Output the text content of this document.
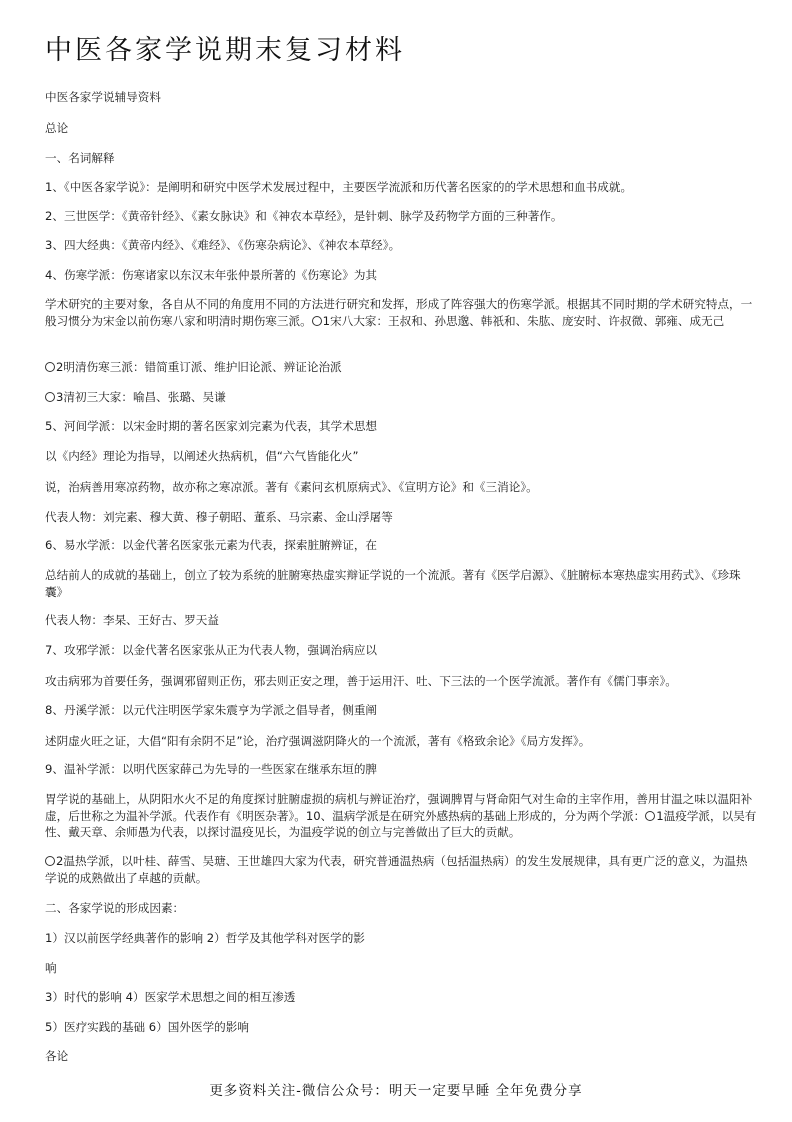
中医各家学说期末复习材料

中医各家学说辅导资料

总论

一、名词解释

1、《中医各家学说》：是阐明和研究中医学术发展过程中，主要医学流派和历代著名医家的的学术思想和血书成就。

2、三世医学：《黄帝针经》、《素女脉诀》和《神农本草经》，是针刺、脉学及药物学方面的三种著作。

3、四大经典：《黄帝内经》、《难经》、《伤寒杂病论》、《神农本草经》。

4、伤寒学派：伤寒诸家以东汉末年张仲景所著的《伤寒论》为其

学术研究的主要对象，各自从不同的角度用不同的方法进行研究和发挥，形成了阵容强大的伤寒学派。根据其不同时期的学术研究特点，一般习惯分为宋金以前伤寒八家和明清时期伤寒三派。 1宋八大家：王叔和、孙思邈、韩祇和、朱肱、庞安时、许叔微、郭雍、成无己

2明清伤寒三派：错简重订派、维护旧论派、辨证论治派

3清初三大家：喻昌、张璐、吴谦

5、河间学派：以宋金时期的著名医家刘完素为代表，其学术思想

以《内经》理论为指导，以阐述火热病机，倡“六气皆能化火”

说，治病善用寒凉药物，故亦称之寒凉派。著有《素问玄机原病式》、《宣明方论》和《三消论》。

代表人物：刘完素、穆大黄、穆子朝昭、董系、马宗素、金山浮屠等

6、易水学派：以金代著名医家张元素为代表，探索脏腑辨证，在

总结前人的成就的基础上，创立了较为系统的脏腑寒热虚实辩证学说的一个流派。著有《医学启源》、《脏腑标本寒热虚实用药式》、《珍珠囊》

代表人物：李杲、王好古、罗天益

7、攻邪学派：以金代著名医家张从正为代表人物，强调治病应以

攻击病邪为首要任务，强调邪留则正伤，邪去则正安之理，善于运用汗、吐、下三法的一个医学流派。著作有《儒门事亲》。

8、丹溪学派：以元代注明医学家朱震亨为学派之倡导者，侧重阐

述阴虚火旺之证，大倡“阳有余阴不足”论，治疗强调滋阴降火的一个流派，著有《格致余论》《局方发挥》。

9、温补学派：以明代医家薛己为先导的一些医家在继承东垣的脾

胃学说的基础上，从阴阳水火不足的角度探讨脏腑虚损的病机与辨证治疗，强调脾胃与肾命阳气对生命的主宰作用，善用甘温之味以温阳补虚，后世称之为温补学派。代表作有《明医杂著》。10、温病学派是在研究外感热病的基础上形成的，分为两个学派： 1温疫学派，以吴有性、戴天章、余师愚为代表，以探讨温疫见长，为温疫学说的创立与完善做出了巨大的贡献。

2温热学派，以叶桂、薛雪、吴瑭、王世雄四大家为代表，研究普通温热病（包括温热病）的发生发展规律，具有更广泛的意义，为温热学说的成熟做出了卓越的贡献。

二、各家学说的形成因素：

1）汉以前医学经典著作的影响 2）哲学及其他学科对医学的影

响

3）时代的影响 4）医家学术思想之间的相互渗透

5）医疗实践的基础 6）国外医学的影响

各论

更多资料关注-微信公众号：明天一定要早睡 全年免费分享
